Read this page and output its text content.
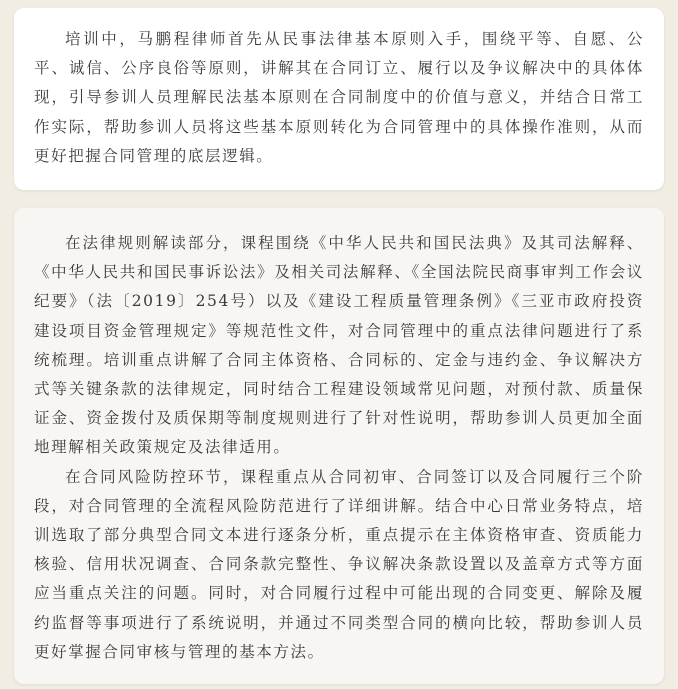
培训中，马鹏程律师首先从民事法律基本原则入手，围绕平等、自愿、公平、诚信、公序良俗等原则，讲解其在合同订立、履行以及争议解决中的具体体现，引导参训人员理解民法基本原则在合同制度中的价值与意义，并结合日常工作实际，帮助参训人员将这些基本原则转化为合同管理中的具体操作准则，从而更好把握合同管理的底层逻辑。

在法律规则解读部分，课程围绕《中华人民共和国民法典》及其司法解释、《中华人民共和国民事诉讼法》及相关司法解释、《全国法院民商事审判工作会议纪要》（法〔2019〕254号）以及《建设工程质量管理条例》《三亚市政府投资建设项目资金管理规定》等规范性文件，对合同管理中的重点法律问题进行了系统梳理。培训重点讲解了合同主体资格、合同标的、定金与违约金、争议解决方式等关键条款的法律规定，同时结合工程建设领域常见问题，对预付款、质量保证金、资金拨付及质保期等制度规则进行了针对性说明，帮助参训人员更加全面地理解相关政策规定及法律适用。

在合同风险防控环节，课程重点从合同初审、合同签订以及合同履行三个阶段，对合同管理的全流程风险防范进行了详细讲解。结合中心日常业务特点，培训选取了部分典型合同文本进行逐条分析，重点提示在主体资格审查、资质能力核验、信用状况调查、合同条款完整性、争议解决条款设置以及盖章方式等方面应当重点关注的问题。同时，对合同履行过程中可能出现的合同变更、解除及履约监督等事项进行了系统说明，并通过不同类型合同的横向比较，帮助参训人员更好掌握合同审核与管理的基本方法。
